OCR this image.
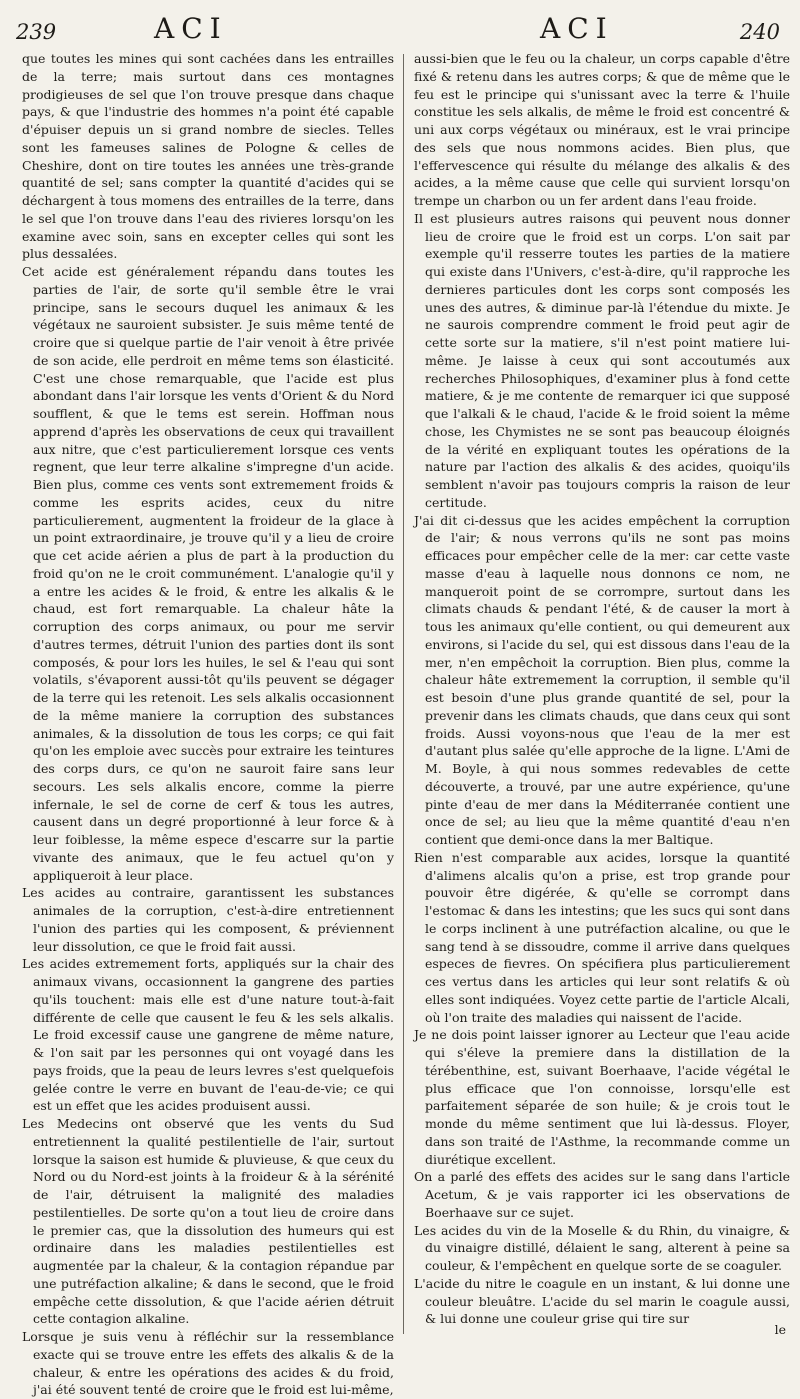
239	ACI	ACI	240

que toutes les mines qui sont cachées dans les entrailles de la terre; mais surtout dans ces montagnes prodigieuses de sel que l'on trouve presque dans chaque pays, & que l'industrie des hommes n'a point été capable d'épuiser depuis un si grand nombre de siecles. Telles sont les fameuses salines de Pologne & celles de Cheshire, dont on tire toutes les années une très-grande quantité de sel; sans compter la quantité d'acides qui se déchargent à tous momens des entrailles de la terre, dans le sel que l'on trouve dans l'eau des rivieres lorsqu'on les examine avec soin, sans en excepter celles qui sont les plus dessalées.

Cet acide est généralement répandu dans toutes les parties de l'air, de sorte qu'il semble être le vrai principe, sans le secours duquel les animaux & les végétaux ne sauroient subsister. Je suis même tenté de croire que si quelque partie de l'air venoit à être privée de son acide, elle perdroit en même tems son élasticité. C'est une chose remarquable, que l'acide est plus abondant dans l'air lorsque les vents d'Orient & du Nord soufflent, & que le tems est serein. Hoffman nous apprend d'après les observations de ceux qui travaillent aux nitre, que c'est particulierement lorsque ces vents regnent, que leur terre alkaline s'impregne d'un acide. Bien plus, comme ces vents sont extremement froids & comme les esprits acides, ceux du nitre particulierement, augmentent la froideur de la glace à un point extraordinaire, je trouve qu'il y a lieu de croire que cet acide aérien a plus de part à la production du froid qu'on ne le croit communément. L'analogie qu'il y a entre les acides & le froid, & entre les alkalis & le chaud, est fort remarquable. La chaleur hâte la corruption des corps animaux, ou pour me servir d'autres termes, détruit l'union des parties dont ils sont composés, & pour lors les huiles, le sel & l'eau qui sont volatils, s'évaporent aussi-tôt qu'ils peuvent se dégager de la terre qui les retenoit. Les sels alkalis occasionnent de la même maniere la corruption des substances animales, & la dissolution de tous les corps; ce qui fait qu'on les emploie avec succès pour extraire les teintures des corps durs, ce qu'on ne sauroit faire sans leur secours. Les sels alkalis encore, comme la pierre infernale, le sel de corne de cerf & tous les autres, causent dans un degré proportionné à leur force & à leur foiblesse, la même espece d'escarre sur la partie vivante des animaux, que le feu actuel qu'on y appliqueroit à leur place.

Les acides au contraire, garantissent les substances animales de la corruption, c'est-à-dire entretiennent l'union des parties qui les composent, & préviennent leur dissolution, ce que le froid fait aussi.

Les acides extremement forts, appliqués sur la chair des animaux vivans, occasionnent la gangrene des parties qu'ils touchent: mais elle est d'une nature tout-à-fait différente de celle que causent le feu & les sels alkalis. Le froid excessif cause une gangrene de même nature, & l'on sait par les personnes qui ont voyagé dans les pays froids, que la peau de leurs levres s'est quelquefois gelée contre le verre en buvant de l'eau-de-vie; ce qui est un effet que les acides produisent aussi.

Les Medecins ont observé que les vents du Sud entretiennent la qualité pestilentielle de l'air, surtout lorsque la saison est humide & pluvieuse, & que ceux du Nord ou du Nord-est joints à la froideur & à la sérénité de l'air, détruisent la malignité des maladies pestilentielles. De sorte qu'on a tout lieu de croire dans le premier cas, que la dissolution des humeurs qui est ordinaire dans les maladies pestilentielles est augmentée par la chaleur, & la contagion répandue par une putréfaction alkaline; & dans le second, que le froid empêche cette dissolution, & que l'acide aérien détruit cette contagion alkaline.

Lorsque je suis venu à réfléchir sur la ressemblance exacte qui se trouve entre les effets des alkalis & de la chaleur, & entre les opérations des acides & du froid, j'ai été souvent tenté de croire que le froid est lui-même,

aussi-bien que le feu ou la chaleur, un corps capable d'être fixé & retenu dans les autres corps; & que de même que le feu est le principe qui s'unissant avec la terre & l'huile constitue les sels alkalis, de même le froid est concentré & uni aux corps végétaux ou minéraux, est le vrai principe des sels que nous nommons acides. Bien plus, que l'effervescence qui résulte du mélange des alkalis & des acides, a la même cause que celle qui survient lorsqu'on trempe un charbon ou un fer ardent dans l'eau froide.

Il est plusieurs autres raisons qui peuvent nous donner lieu de croire que le froid est un corps. L'on sait par exemple qu'il resserre toutes les parties de la matiere qui existe dans l'Univers, c'est-à-dire, qu'il rapproche les dernieres particules dont les corps sont composés les unes des autres, & diminue par-là l'étendue du mixte. Je ne saurois comprendre comment le froid peut agir de cette sorte sur la matiere, s'il n'est point matiere lui-même. Je laisse à ceux qui sont accoutumés aux recherches Philosophiques, d'examiner plus à fond cette matiere, & je me contente de remarquer ici que supposé que l'alkali & le chaud, l'acide & le froid soient la même chose, les Chymistes ne se sont pas beaucoup éloignés de la vérité en expliquant toutes les opérations de la nature par l'action des alkalis & des acides, quoiqu'ils semblent n'avoir pas toujours compris la raison de leur certitude.

J'ai dit ci-dessus que les acides empêchent la corruption de l'air; & nous verrons qu'ils ne sont pas moins efficaces pour empêcher celle de la mer: car cette vaste masse d'eau à laquelle nous donnons ce nom, ne manqueroit point de se corrompre, surtout dans les climats chauds & pendant l'été, & de causer la mort à tous les animaux qu'elle contient, ou qui demeurent aux environs, si l'acide du sel, qui est dissous dans l'eau de la mer, n'en empêchoit la corruption. Bien plus, comme la chaleur hâte extremement la corruption, il semble qu'il est besoin d'une plus grande quantité de sel, pour la prevenir dans les climats chauds, que dans ceux qui sont froids. Aussi voyons-nous que l'eau de la mer est d'autant plus salée qu'elle approche de la ligne. L'Ami de M. Boyle, à qui nous sommes redevables de cette découverte, a trouvé, par une autre expérience, qu'une pinte d'eau de mer dans la Méditerranée contient une once de sel; au lieu que la même quantité d'eau n'en contient que demi-once dans la mer Baltique.

Rien n'est comparable aux acides, lorsque la quantité d'alimens alcalis qu'on a prise, est trop grande pour pouvoir être digérée, & qu'elle se corrompt dans l'estomac & dans les intestins; que les sucs qui sont dans le corps inclinent à une putréfaction alcaline, ou que le sang tend à se dissoudre, comme il arrive dans quelques especes de fievres. On spécifiera plus particulierement ces vertus dans les articles qui leur sont relatifs & où elles sont indiquées. Voyez cette partie de l'article Alcali, où l'on traite des maladies qui naissent de l'acide.

Je ne dois point laisser ignorer au Lecteur que l'eau acide qui s'éleve la premiere dans la distillation de la térébenthine, est, suivant Boerhaave, l'acide végétal le plus efficace que l'on connoisse, lorsqu'elle est parfaitement séparée de son huile; & je crois tout le monde du même sentiment que lui là-dessus. Floyer, dans son traité de l'Asthme, la recommande comme un diurétique excellent.

On a parlé des effets des acides sur le sang dans l'article Acetum, & je vais rapporter ici les observations de Boerhaave sur ce sujet.

Les acides du vin de la Moselle & du Rhin, du vinaigre, & du vinaigre distillé, délaient le sang, alterent à peine sa couleur, & l'empêchent en quelque sorte de se coaguler.

L'acide du nitre le coagule en un instant, & lui donne une couleur bleuâtre. L'acide du sel marin le coagule aussi, & lui donne une couleur grise qui tire sur

le
